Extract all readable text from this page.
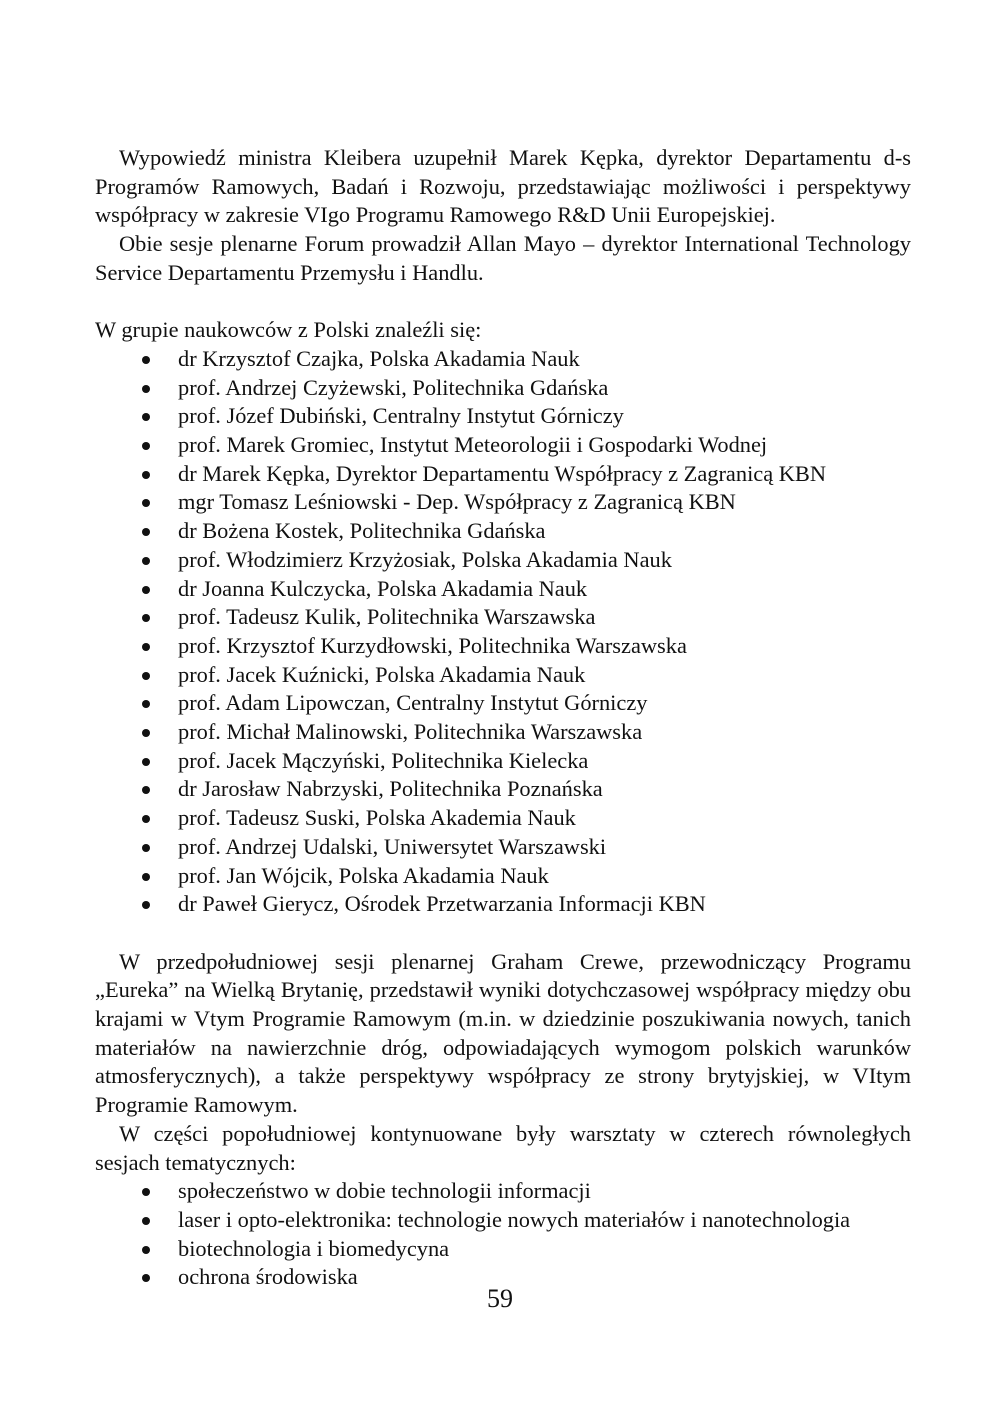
Wypowiedź ministra Kleibera uzupełnił Marek Kępka, dyrektor Departamentu d-s Programów Ramowych, Badań i Rozwoju, przedstawiając możliwości i perspektywy współpracy w zakresie VIgo Programu Ramowego R&D Unii Europejskiej.

Obie sesje plenarne Forum prowadził Allan Mayo – dyrektor International Technology Service Departamentu Przemysłu i Handlu.

W grupie naukowców z Polski znaleźli się:

dr Krzysztof Czajka, Polska Akadamia Nauk
prof. Andrzej Czyżewski, Politechnika Gdańska
prof. Józef Dubiński, Centralny Instytut Górniczy
prof. Marek Gromiec, Instytut Meteorologii i Gospodarki Wodnej
dr Marek Kępka, Dyrektor Departamentu Współpracy z Zagranicą KBN
mgr Tomasz Leśniowski - Dep. Współpracy z Zagranicą KBN
dr Bożena Kostek, Politechnika Gdańska
prof. Włodzimierz Krzyżosiak, Polska Akadamia Nauk
dr Joanna Kulczycka, Polska Akadamia Nauk
prof. Tadeusz Kulik, Politechnika Warszawska
prof. Krzysztof Kurzydłowski, Politechnika Warszawska
prof. Jacek Kuźnicki, Polska Akadamia Nauk
prof. Adam Lipowczan, Centralny Instytut Górniczy
prof. Michał Malinowski, Politechnika Warszawska
prof. Jacek Mączyński, Politechnika Kielecka
dr Jarosław Nabrzyski, Politechnika Poznańska
prof. Tadeusz Suski, Polska Akademia Nauk
prof. Andrzej Udalski, Uniwersytet Warszawski
prof. Jan Wójcik, Polska Akadamia Nauk
dr Paweł Gierycz, Ośrodek Przetwarzania Informacji KBN

W przedpołudniowej sesji plenarnej Graham Crewe, przewodniczący Programu „Eureka” na Wielką Brytanię, przedstawił wyniki dotychczasowej współpracy między obu krajami w Vtym Programie Ramowym (m.in. w dziedzinie poszukiwania nowych, tanich materiałów na nawierzchnie dróg, odpowiadających wymogom polskich warunków atmosferycznych), a także perspektywy współpracy ze strony brytyjskiej, w VItym Programie Ramowym.

W części popołudniowej kontynuowane były warsztaty w czterech równoległych sesjach tematycznych:

społeczeństwo w dobie technologii informacji
laser i opto-elektronika: technologie nowych materiałów i nanotechnologia
biotechnologia i biomedycyna
ochrona środowiska
59
